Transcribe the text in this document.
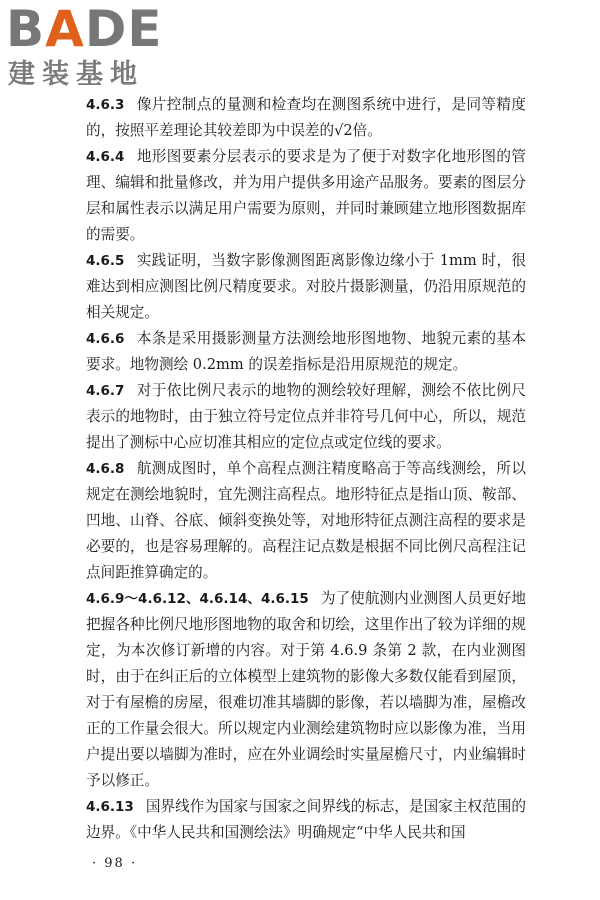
BADE
建装基地

4.6.3 像片控制点的量测和检查均在测图系统中进行，是同等精度的，按照平差理论其较差即为中误差的√2倍。

4.6.4 地形图要素分层表示的要求是为了便于对数字化地形图的管理、编辑和批量修改，并为用户提供多用途产品服务。要素的图层分层和属性表示以满足用户需要为原则，并同时兼顾建立地形图数据库的需要。

4.6.5 实践证明，当数字影像测图距离影像边缘小于 1mm 时，很难达到相应测图比例尺精度要求。对胶片摄影测量，仍沿用原规范的相关规定。

4.6.6 本条是采用摄影测量方法测绘地形图地物、地貌元素的基本要求。地物测绘 0.2mm 的误差指标是沿用原规范的规定。

4.6.7 对于依比例尺表示的地物的测绘较好理解，测绘不依比例尺表示的地物时，由于独立符号定位点并非符号几何中心，所以，规范提出了测标中心应切准其相应的定位点或定位线的要求。

4.6.8 航测成图时，单个高程点测注精度略高于等高线测绘，所以规定在测绘地貌时，宜先测注高程点。地形特征点是指山顶、鞍部、凹地、山脊、谷底、倾斜变换处等，对地形特征点测注高程的要求是必要的，也是容易理解的。高程注记点数是根据不同比例尺高程注记点间距推算确定的。

4.6.9～4.6.12、4.6.14、4.6.15 为了使航测内业测图人员更好地把握各种比例尺地形图地物的取舍和切绘，这里作出了较为详细的规定，为本次修订新增的内容。对于第 4.6.9 条第 2 款，在内业测图时，由于在纠正后的立体模型上建筑物的影像大多数仅能看到屋顶，对于有屋檐的房屋，很难切准其墙脚的影像，若以墙脚为准，屋檐改正的工作量会很大。所以规定内业测绘建筑物时应以影像为准，当用户提出要以墙脚为准时，应在外业调绘时实量屋檐尺寸，内业编辑时予以修正。

4.6.13 国界线作为国家与国家之间界线的标志，是国家主权范围的边界。《中华人民共和国测绘法》明确规定“中华人民共和国

· 98 ·
